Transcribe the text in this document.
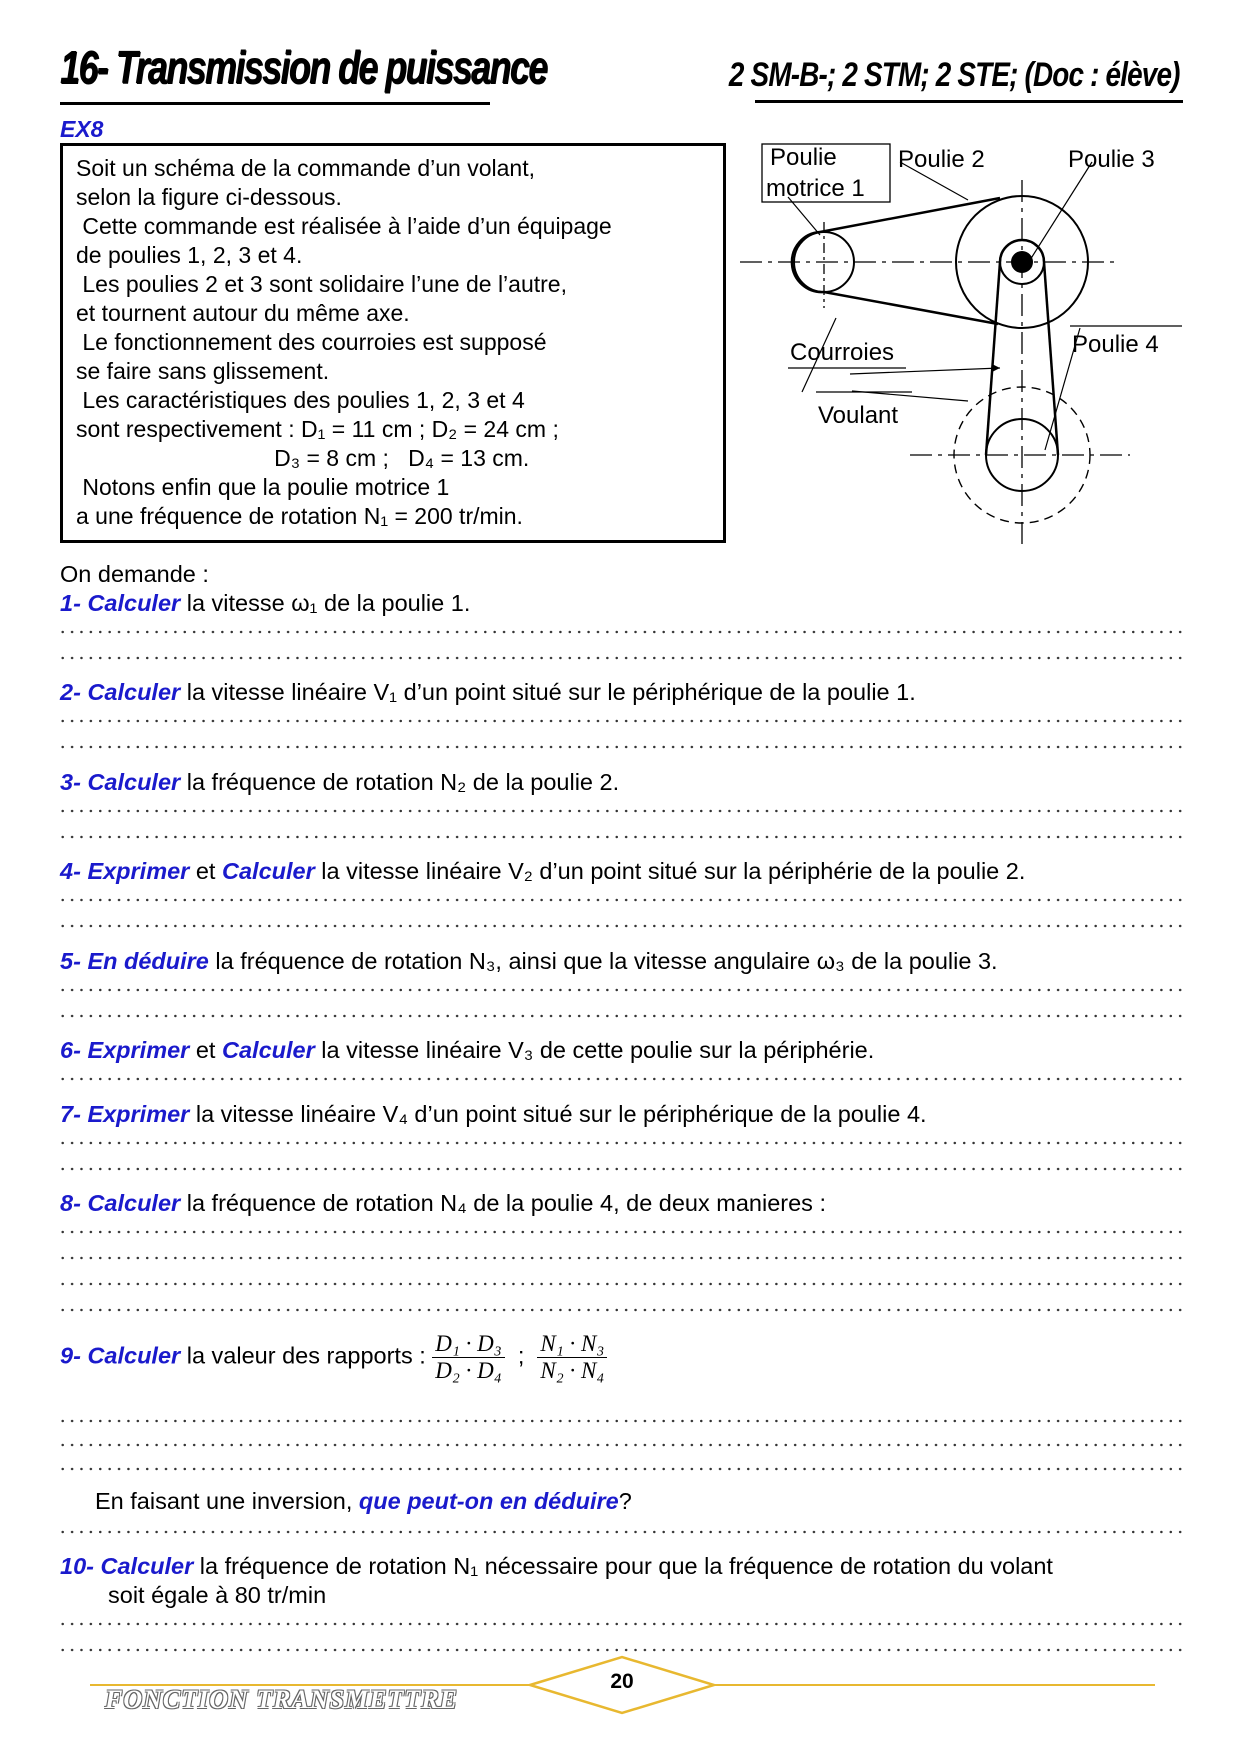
16- Transmission de puissance	2 SM-B-; 2 STM; 2 STE; (Doc : élève)
EX8
Soit un schéma de la commande d’un volant,
selon la figure ci-dessous.
Cette commande est réalisée à l’aide d’un équipage
de poulies 1, 2, 3 et 4.
Les poulies 2 et 3 sont solidaire l’une de l’autre,
et tournent autour du même axe.
Le fonctionnement des courroies est supposé
se faire sans glissement.
Les caractéristiques des poulies 1, 2, 3 et 4
sont respectivement : D₁ = 11 cm ; D₂ = 24 cm ;
D₃ = 8 cm ;   D₄ = 13 cm.
Notons enfin que la poulie motrice 1
a une fréquence de rotation N₁ = 200 tr/min.
Poulie
motrice 1
Poulie 2	Poulie 3
Courroies	Poulie 4
Voulant
On demande :
1- Calculer la vitesse ω₁ de la poulie 1.
2- Calculer la vitesse linéaire V₁ d’un point situé sur le périphérique de la poulie 1.
3- Calculer la fréquence de rotation N₂ de la poulie 2.
4- Exprimer et Calculer la vitesse linéaire V₂ d’un point situé sur la périphérie de la poulie 2.
5- En déduire la fréquence de rotation N₃, ainsi que la vitesse angulaire ω₃ de la poulie 3.
6- Exprimer et Calculer la vitesse linéaire V₃ de cette poulie sur la périphérie.
7- Exprimer la vitesse linéaire V₄ d’un point situé sur le périphérique de la poulie 4.
8- Calculer la fréquence de rotation N₄ de la poulie 4, de deux manieres :
9- Calculer la valeur des rapports : $\frac{\text{D₁ · D₃}}{\text{D₂ · D₄}}$ ; $\frac{\text{N₁ · N₃}}{\text{N₂ · N₄}}$
En faisant une inversion, que peut-on en déduire?
10- Calculer la fréquence de rotation N₁ nécessaire pour que la fréquence de rotation du volant
soit égale à 80 tr/min
20
FONCTION TRANSMETTRE
